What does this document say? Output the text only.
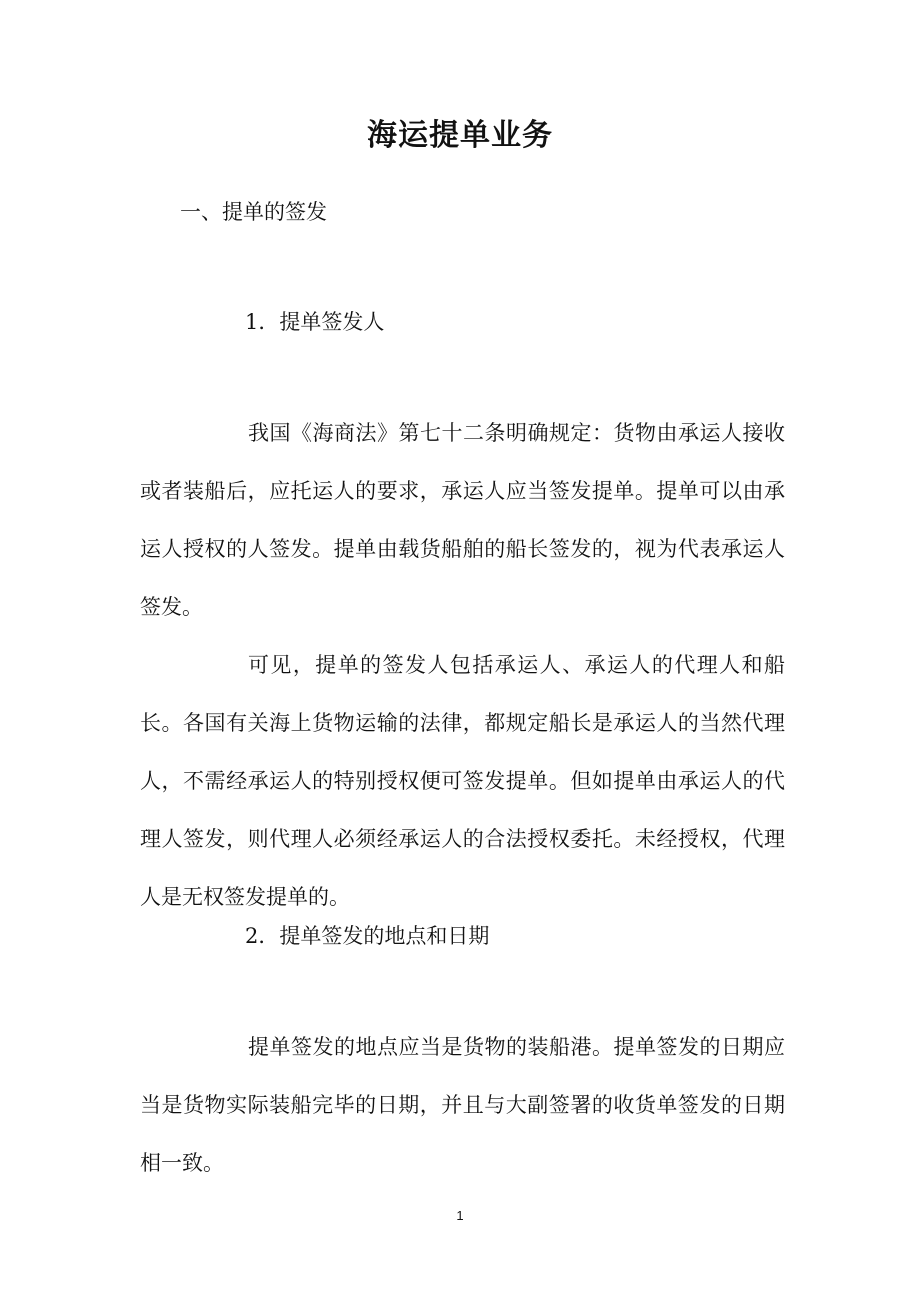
海运提单业务

一、提单的签发

1．提单签发人

我国《海商法》第七十二条明确规定：货物由承运人接收或者装船后，应托运人的要求，承运人应当签发提单。提单可以由承运人授权的人签发。提单由载货船舶的船长签发的，视为代表承运人签发。

可见，提单的签发人包括承运人、承运人的代理人和船长。各国有关海上货物运输的法律，都规定船长是承运人的当然代理人，不需经承运人的特别授权便可签发提单。但如提单由承运人的代理人签发，则代理人必须经承运人的合法授权委托。未经授权，代理人是无权签发提单的。

2．提单签发的地点和日期

提单签发的地点应当是货物的装船港。提单签发的日期应当是货物实际装船完毕的日期，并且与大副签署的收货单签发的日期相一致。

1
